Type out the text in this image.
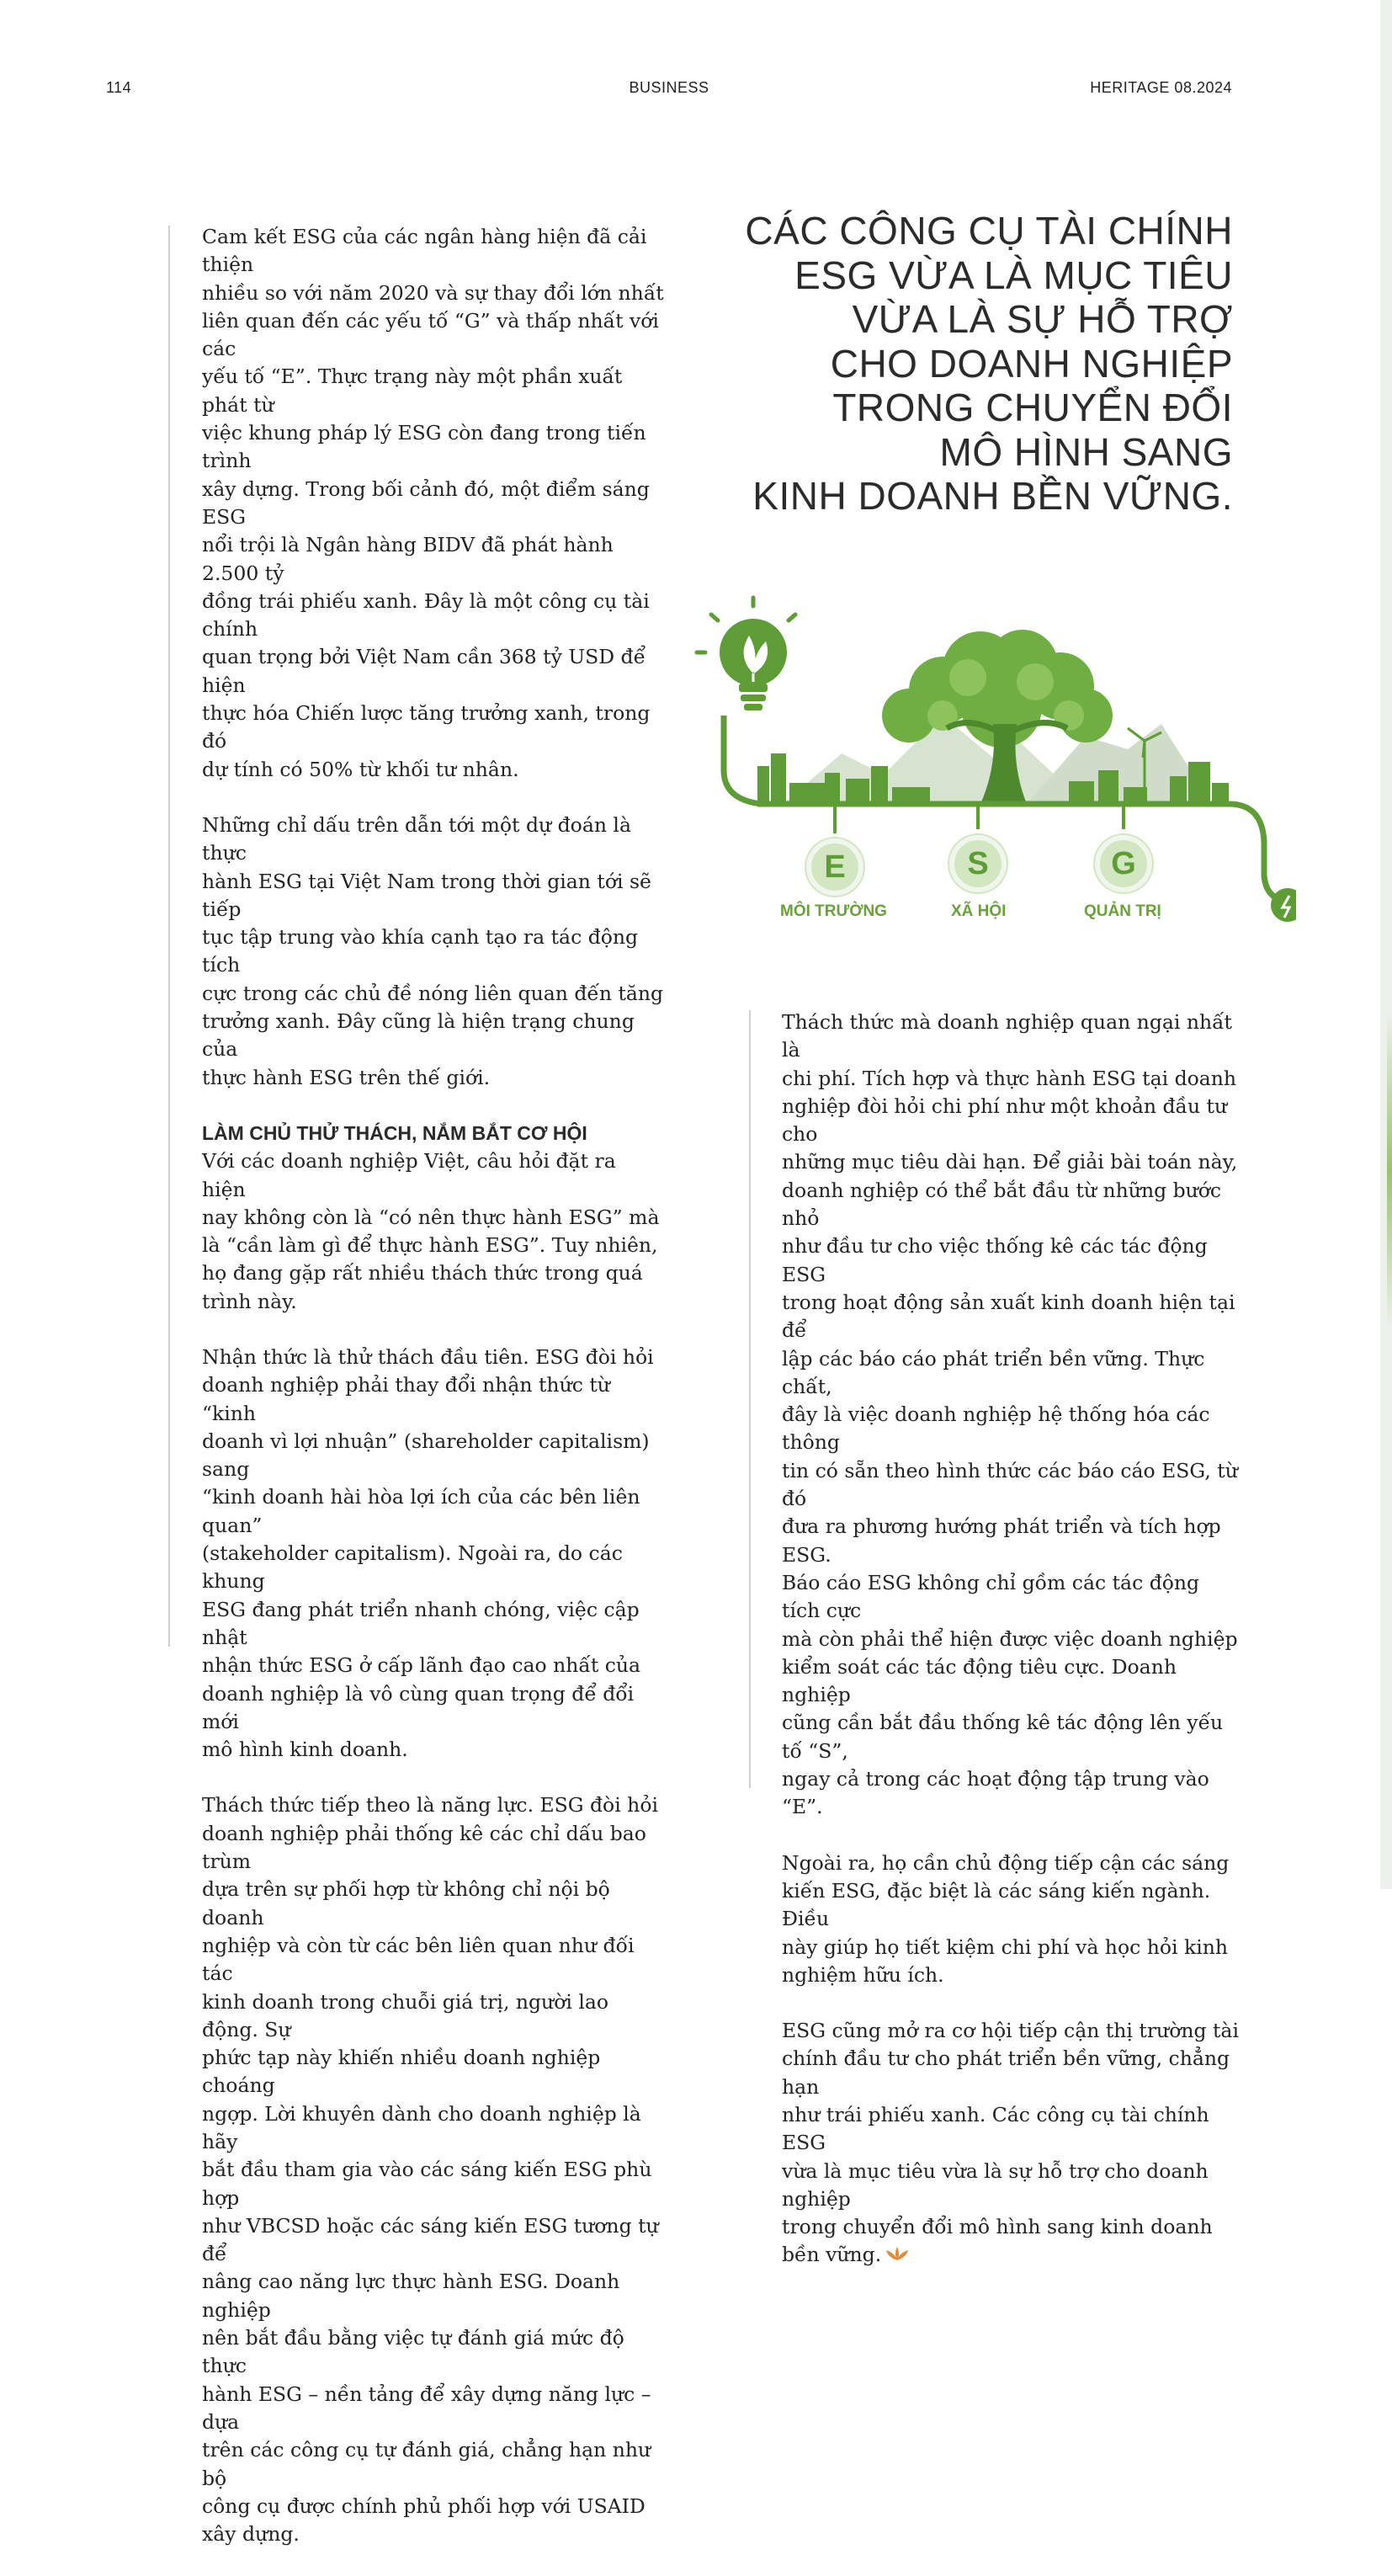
114	BUSINESS	HERITAGE 08.2024

Cam kết ESG của các ngân hàng hiện đã cải thiện
nhiều so với năm 2020 và sự thay đổi lớn nhất
liên quan đến các yếu tố “G” và thấp nhất với các
yếu tố “E”. Thực trạng này một phần xuất phát từ
việc khung pháp lý ESG còn đang trong tiến trình
xây dựng. Trong bối cảnh đó, một điểm sáng ESG
nổi trội là Ngân hàng BIDV đã phát hành 2.500 tỷ
đồng trái phiếu xanh. Đây là một công cụ tài chính
quan trọng bởi Việt Nam cần 368 tỷ USD để hiện
thực hóa Chiến lược tăng trưởng xanh, trong đó
dự tính có 50% từ khối tư nhân.

Những chỉ dấu trên dẫn tới một dự đoán là thực
hành ESG tại Việt Nam trong thời gian tới sẽ tiếp
tục tập trung vào khía cạnh tạo ra tác động tích
cực trong các chủ đề nóng liên quan đến tăng
trưởng xanh. Đây cũng là hiện trạng chung của
thực hành ESG trên thế giới.

LÀM CHỦ THỬ THÁCH, NẮM BẮT CƠ HỘI

Với các doanh nghiệp Việt, câu hỏi đặt ra hiện
nay không còn là “có nên thực hành ESG” mà
là “cần làm gì để thực hành ESG”. Tuy nhiên,
họ đang gặp rất nhiều thách thức trong quá
trình này.

Nhận thức là thử thách đầu tiên. ESG đòi hỏi
doanh nghiệp phải thay đổi nhận thức từ “kinh
doanh vì lợi nhuận” (shareholder capitalism) sang
“kinh doanh hài hòa lợi ích của các bên liên quan”
(stakeholder capitalism). Ngoài ra, do các khung
ESG đang phát triển nhanh chóng, việc cập nhật
nhận thức ESG ở cấp lãnh đạo cao nhất của
doanh nghiệp là vô cùng quan trọng để đổi mới
mô hình kinh doanh.

Thách thức tiếp theo là năng lực. ESG đòi hỏi
doanh nghiệp phải thống kê các chỉ dấu bao trùm
dựa trên sự phối hợp từ không chỉ nội bộ doanh
nghiệp và còn từ các bên liên quan như đối tác
kinh doanh trong chuỗi giá trị, người lao động. Sự
phức tạp này khiến nhiều doanh nghiệp choáng
ngợp. Lời khuyên dành cho doanh nghiệp là hãy
bắt đầu tham gia vào các sáng kiến ESG phù hợp
như VBCSD hoặc các sáng kiến ESG tương tự để
nâng cao năng lực thực hành ESG. Doanh nghiệp
nên bắt đầu bằng việc tự đánh giá mức độ thực
hành ESG – nền tảng để xây dựng năng lực – dựa
trên các công cụ tự đánh giá, chẳng hạn như bộ
công cụ được chính phủ phối hợp với USAID
xây dựng.

CÁC CÔNG CỤ TÀI CHÍNH
ESG VỪA LÀ MỤC TIÊU
VỪA LÀ SỰ HỖ TRỢ
CHO DOANH NGHIỆP
TRONG CHUYỂN ĐỔI
MÔ HÌNH SANG
KINH DOANH BỀN VỮNG.
E	S	G
MÔI TRƯỜNG	XÃ HỘI	QUẢN TRỊ

Thách thức mà doanh nghiệp quan ngại nhất là
chi phí. Tích hợp và thực hành ESG tại doanh
nghiệp đòi hỏi chi phí như một khoản đầu tư cho
những mục tiêu dài hạn. Để giải bài toán này,
doanh nghiệp có thể bắt đầu từ những bước nhỏ
như đầu tư cho việc thống kê các tác động ESG
trong hoạt động sản xuất kinh doanh hiện tại để
lập các báo cáo phát triển bền vững. Thực chất,
đây là việc doanh nghiệp hệ thống hóa các thông
tin có sẵn theo hình thức các báo cáo ESG, từ đó
đưa ra phương hướng phát triển và tích hợp ESG.
Báo cáo ESG không chỉ gồm các tác động tích cực
mà còn phải thể hiện được việc doanh nghiệp
kiểm soát các tác động tiêu cực. Doanh nghiệp
cũng cần bắt đầu thống kê tác động lên yếu tố “S”,
ngay cả trong các hoạt động tập trung vào “E”.

Ngoài ra, họ cần chủ động tiếp cận các sáng
kiến ESG, đặc biệt là các sáng kiến ngành. Điều
này giúp họ tiết kiệm chi phí và học hỏi kinh
nghiệm hữu ích.

ESG cũng mở ra cơ hội tiếp cận thị trường tài
chính đầu tư cho phát triển bền vững, chẳng hạn
như trái phiếu xanh. Các công cụ tài chính ESG
vừa là mục tiêu vừa là sự hỗ trợ cho doanh nghiệp
trong chuyển đổi mô hình sang kinh doanh
bền vững.
